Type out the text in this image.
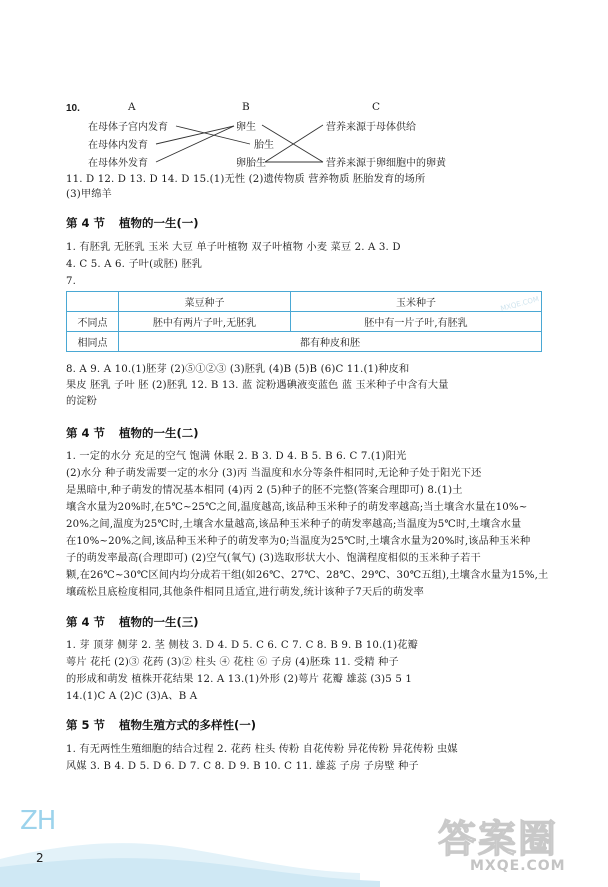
10.	A	B	C
在母体子宫内发育
在母体内发育
在母体外发育
卵生
胎生
卵胎生
营养来源于母体供给
营养来源于卵细胞中的卵黄
11. D 12. D 13. D 14. D 15.(1)无性 (2)遗传物质 营养物质 胚胎发育的场所
(3)甲绵羊
第 4 节 植物的一生(一)
1. 有胚乳 无胚乳 玉米 大豆 单子叶植物 双子叶植物 小麦 菜豆 2. A 3. D
4. C 5. A 6. 子叶(或胚) 胚乳
7.
	菜豆种子	玉米种子
不同点	胚中有两片子叶,无胚乳	胚中有一片子叶,有胚乳
相同点	都有种皮和胚	
MXQE.COM
8. A 9. A 10.(1)胚芽 (2)⑤①②③ (3)胚乳 (4)B (5)B (6)C 11.(1)种皮和
果皮 胚乳 子叶 胚 (2)胚乳 12. B 13. 蓝 淀粉遇碘液变蓝色 蓝 玉米种子中含有大量
的淀粉
第 4 节 植物的一生(二)
1. 一定的水分 充足的空气 饱满 休眠 2. B 3. D 4. B 5. B 6. C 7.(1)阳光
(2)水分 种子萌发需要一定的水分 (3)丙 当温度和水分等条件相同时,无论种子处于阳光下还
是黑暗中,种子萌发的情况基本相同 (4)丙 2 (5)种子的胚不完整(答案合理即可) 8.(1)土
壤含水量为20%时,在5℃~25℃之间,温度越高,该品种玉米种子的萌发率越高;当土壤含水量在10%~
20%之间,温度为25℃时,土壤含水量越高,该品种玉米种子的萌发率越高;当温度为5℃时,土壤含水量
在10%~20%之间,该品种玉米种子的萌发率为0;当温度为25℃时,土壤含水量为20%时,该品种玉米种
子的萌发率最高(合理即可) (2)空气(氧气) (3)选取形状大小、饱满程度相似的玉米种子若干
颗,在26℃~30℃区间内均分成若干组(如26℃、27℃、28℃、29℃、30℃五组),土壤含水量为15%,土
壤疏松且底检度相同,其他条件相同且适宜,进行萌发,统计该种子7天后的萌发率
第 4 节 植物的一生(三)
1. 芽 顶芽 侧芽 2. 茎 侧枝 3. D 4. D 5. C 6. C 7. C 8. B 9. B 10.(1)花瓣
萼片 花托 (2)③ 花药 (3)② 柱头 ④ 花柱 ⑥ 子房 (4)胚珠 11. 受精 种子
的形成和萌发 植株开花结果 12. A 13.(1)外形 (2)萼片 花瓣 雄蕊 (3)5 5 1
14.(1)C A (2)C (3)A、B A
第 5 节 植物生殖方式的多样性(一)
1. 有无两性生殖细胞的结合过程 2. 花药 柱头 传粉 自花传粉 异花传粉 异花传粉 虫媒
风媒 3. B 4. D 5. D 6. D 7. C 8. D 9. B 10. C 11. 雄蕊 子房 子房壁 种子
ZH
2	答案圈
MXQE.COM
